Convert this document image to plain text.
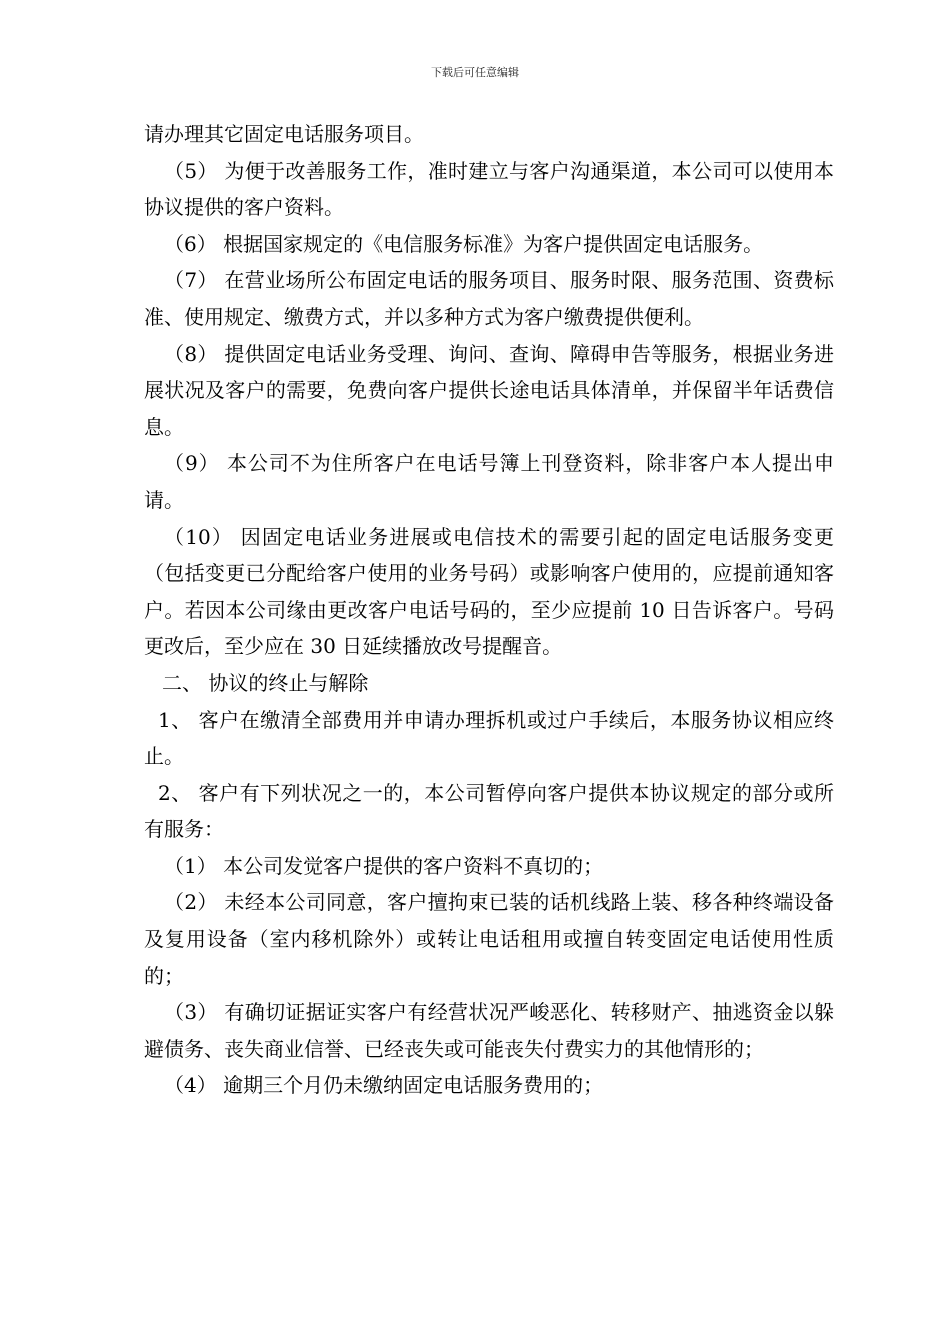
下载后可任意编辑

请办理其它固定电话服务项目。

（5） 为便于改善服务工作，准时建立与客户沟通渠道，本公司可以使用本协议提供的客户资料。

（6） 根据国家规定的《电信服务标准》为客户提供固定电话服务。

（7） 在营业场所公布固定电话的服务项目、服务时限、服务范围、资费标准、使用规定、缴费方式，并以多种方式为客户缴费提供便利。

（8） 提供固定电话业务受理、询问、查询、障碍申告等服务，根据业务进展状况及客户的需要，免费向客户提供长途电话具体清单，并保留半年话费信息。

（9） 本公司不为住所客户在电话号簿上刊登资料，除非客户本人提出申请。

（10） 因固定电话业务进展或电信技术的需要引起的固定电话服务变更（包括变更已分配给客户使用的业务号码）或影响客户使用的，应提前通知客户。若因本公司缘由更改客户电话号码的，至少应提前 10 日告诉客户。号码更改后，至少应在 30 日延续播放改号提醒音。

二、 协议的终止与解除

1、 客户在缴清全部费用并申请办理拆机或过户手续后，本服务协议相应终止。

2、 客户有下列状况之一的，本公司暂停向客户提供本协议规定的部分或所有服务：

（1） 本公司发觉客户提供的客户资料不真切的；

（2） 未经本公司同意，客户擅拘束已装的话机线路上装、移各种终端设备及复用设备（室内移机除外）或转让电话租用或擅自转变固定电话使用性质的；

（3） 有确切证据证实客户有经营状况严峻恶化、转移财产、抽逃资金以躲避债务、丧失商业信誉、已经丧失或可能丧失付费实力的其他情形的；

（4） 逾期三个月仍未缴纳固定电话服务费用的；
